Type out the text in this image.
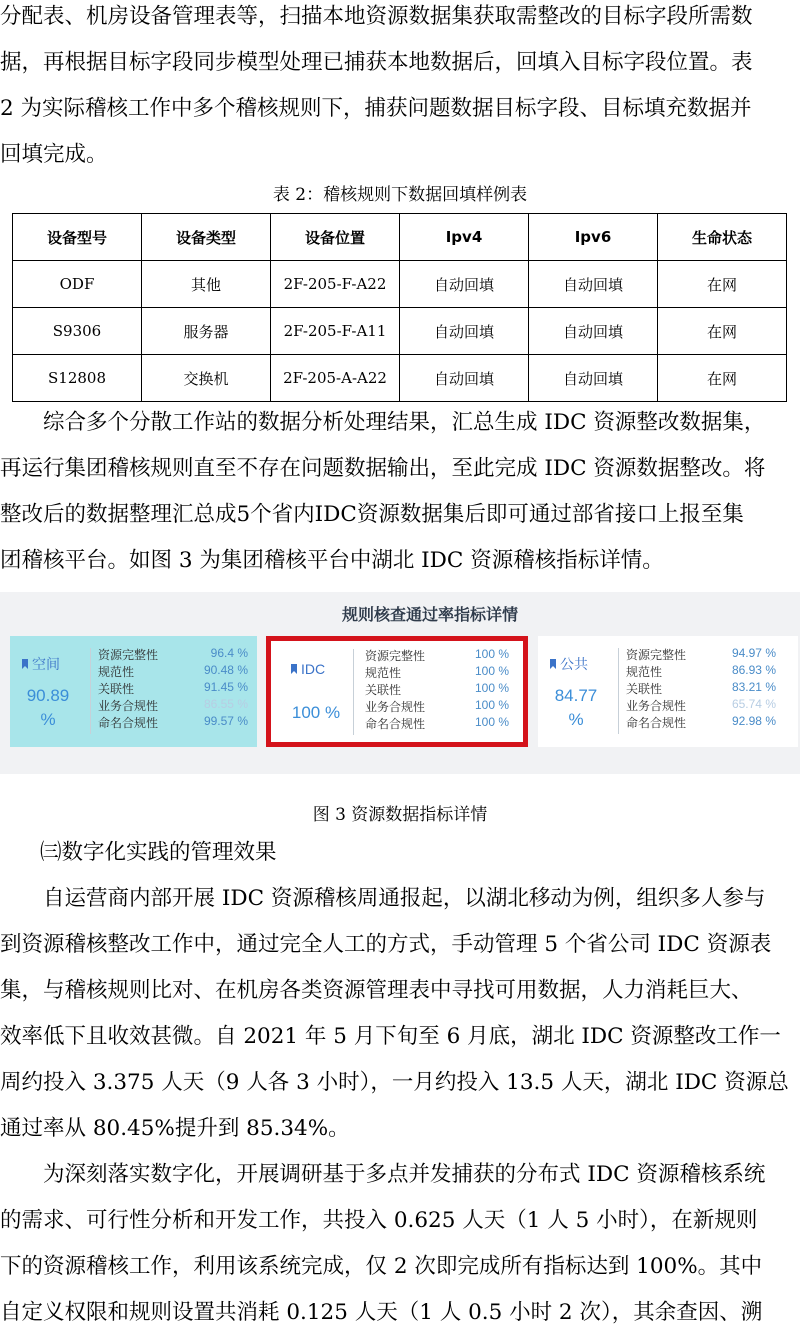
分配表、机房设备管理表等，扫描本地资源数据集获取需整改的目标字段所需数
据，再根据目标字段同步模型处理已捕获本地数据后，回填入目标字段位置。表
2 为实际稽核工作中多个稽核规则下，捕获问题数据目标字段、目标填充数据并
回填完成。
表 2：稽核规则下数据回填样例表
设备型号	设备类型	设备位置	Ipv4	Ipv6	生命状态
ODF	其他	2F-205-F-A22	自动回填	自动回填	在网
S9306	服务器	2F-205-F-A11	自动回填	自动回填	在网
S12808	交换机	2F-205-A-A22	自动回填	自动回填	在网
综合多个分散工作站的数据分析处理结果，汇总生成 IDC 资源整改数据集，
再运行集团稽核规则直至不存在问题数据输出，至此完成 IDC 资源数据整改。将
整改后的数据整理汇总成5个省内IDC资源数据集后即可通过部省接口上报至集
团稽核平台。如图 3 为集团稽核平台中湖北 IDC 资源稽核指标详情。
规则核查通过率指标详情
空间
90.89
%
资源完整性	96.4 %
规范性	90.48 %
关联性	91.45 %
业务合规性	86.55 %
命名合规性	99.57 %
IDC
100 %
资源完整性	100 %
规范性	100 %
关联性	100 %
业务合规性	100 %
命名合规性	100 %
公共
84.77
%
资源完整性	94.97 %
规范性	86.93 %
关联性	83.21 %
业务合规性	65.74 %
命名合规性	92.98 %
图 3 资源数据指标详情
㈢数字化实践的管理效果
自运营商内部开展 IDC 资源稽核周通报起，以湖北移动为例，组织多人参与
到资源稽核整改工作中，通过完全人工的方式，手动管理 5 个省公司 IDC 资源表
集，与稽核规则比对、在机房各类资源管理表中寻找可用数据，人力消耗巨大、
效率低下且收效甚微。自 2021 年 5 月下旬至 6 月底，湖北 IDC 资源整改工作一
周约投入 3.375 人天（9 人各 3 小时），一月约投入 13.5 人天，湖北 IDC 资源总
通过率从 80.45%提升到 85.34%。
为深刻落实数字化，开展调研基于多点并发捕获的分布式 IDC 资源稽核系统
的需求、可行性分析和开发工作，共投入 0.625 人天（1 人 5 小时），在新规则
下的资源稽核工作，利用该系统完成，仅 2 次即完成所有指标达到 100%。其中
自定义权限和规则设置共消耗 0.125 人天（1 人 0.5 小时 2 次），其余查因、溯
